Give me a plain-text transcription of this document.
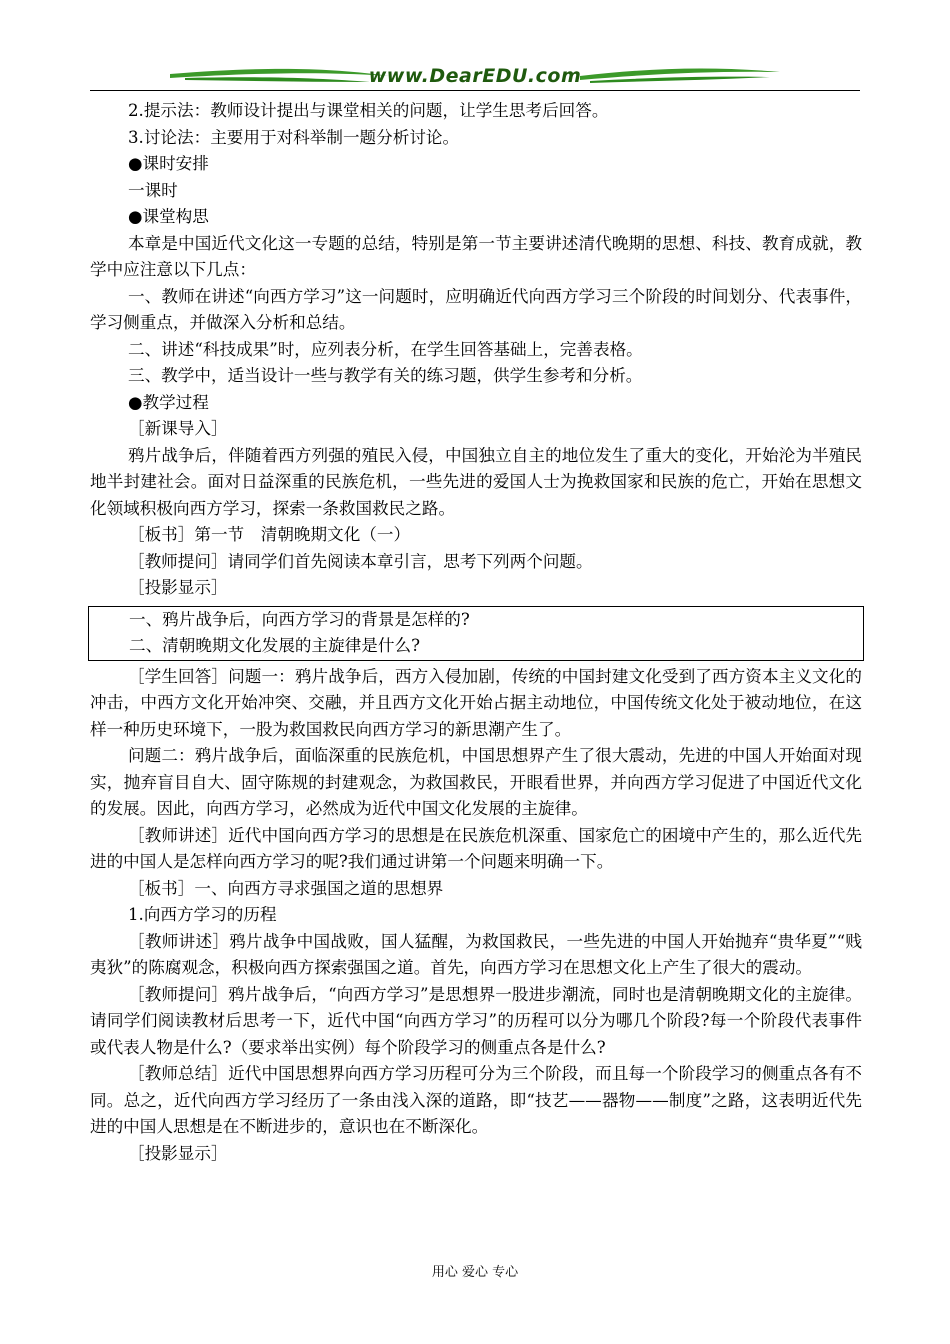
www.DearEDU.com

2.提示法：教师设计提出与课堂相关的问题，让学生思考后回答。

3.讨论法：主要用于对科举制一题分析讨论。

●课时安排

一课时

●课堂构思

本章是中国近代文化这一专题的总结，特别是第一节主要讲述清代晚期的思想、科技、教育成就，教学中应注意以下几点：

一、教师在讲述“向西方学习”这一问题时，应明确近代向西方学习三个阶段的时间划分、代表事件，学习侧重点，并做深入分析和总结。

二、讲述“科技成果”时，应列表分析，在学生回答基础上，完善表格。

三、教学中，适当设计一些与教学有关的练习题，供学生参考和分析。

●教学过程

［新课导入］

鸦片战争后，伴随着西方列强的殖民入侵，中国独立自主的地位发生了重大的变化，开始沦为半殖民地半封建社会。面对日益深重的民族危机，一些先进的爱国人士为挽救国家和民族的危亡，开始在思想文化领域积极向西方学习，探索一条救国救民之路。

［板书］第一节　清朝晚期文化（一）

［教师提问］请同学们首先阅读本章引言，思考下列两个问题。

［投影显示］

一、鸦片战争后，向西方学习的背景是怎样的?

二、清朝晚期文化发展的主旋律是什么?

［学生回答］问题一：鸦片战争后，西方入侵加剧，传统的中国封建文化受到了西方资本主义文化的冲击，中西方文化开始冲突、交融，并且西方文化开始占据主动地位，中国传统文化处于被动地位，在这样一种历史环境下，一股为救国救民向西方学习的新思潮产生了。

问题二：鸦片战争后，面临深重的民族危机，中国思想界产生了很大震动，先进的中国人开始面对现实，抛弃盲目自大、固守陈规的封建观念，为救国救民，开眼看世界，并向西方学习促进了中国近代文化的发展。因此，向西方学习，必然成为近代中国文化发展的主旋律。

［教师讲述］近代中国向西方学习的思想是在民族危机深重、国家危亡的困境中产生的，那么近代先进的中国人是怎样向西方学习的呢?我们通过讲第一个问题来明确一下。

［板书］一、向西方寻求强国之道的思想界

1.向西方学习的历程

［教师讲述］鸦片战争中国战败，国人猛醒，为救国救民，一些先进的中国人开始抛弃“贵华夏”“贱夷狄”的陈腐观念，积极向西方探索强国之道。首先，向西方学习在思想文化上产生了很大的震动。

［教师提问］鸦片战争后，“向西方学习”是思想界一股进步潮流，同时也是清朝晚期文化的主旋律。请同学们阅读教材后思考一下，近代中国“向西方学习”的历程可以分为哪几个阶段?每一个阶段代表事件或代表人物是什么?（要求举出实例）每个阶段学习的侧重点各是什么?

［教师总结］近代中国思想界向西方学习历程可分为三个阶段，而且每一个阶段学习的侧重点各有不同。总之，近代向西方学习经历了一条由浅入深的道路，即“技艺——器物——制度”之路，这表明近代先进的中国人思想是在不断进步的，意识也在不断深化。

［投影显示］

用心 爱心 专心
